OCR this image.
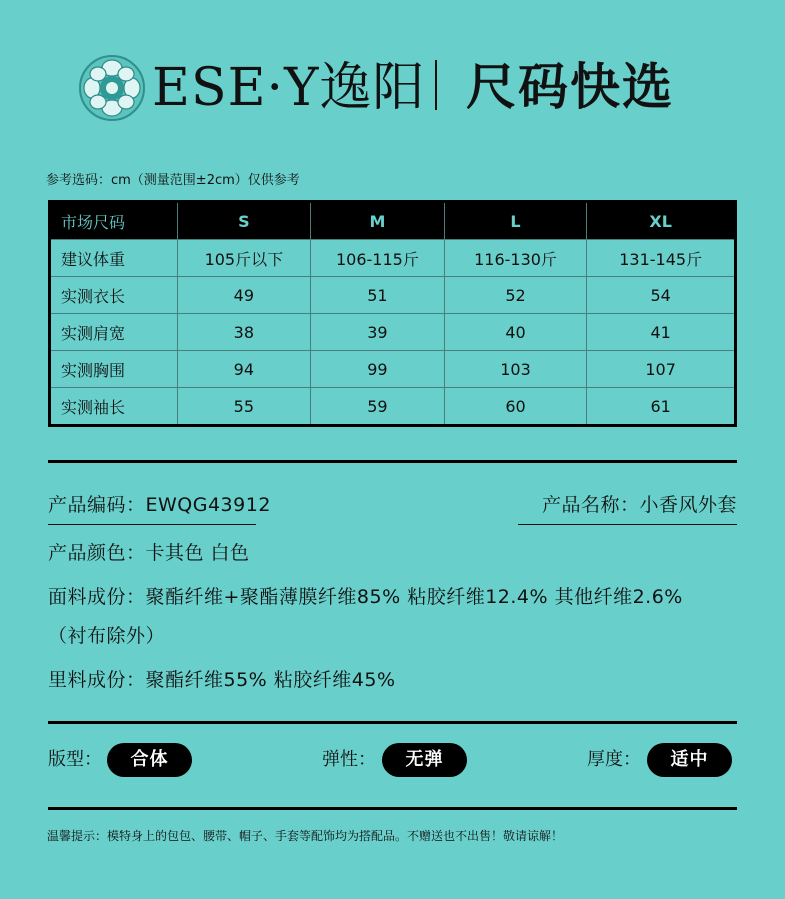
ESE·Y逸阳 尺码快选
参考选码：cm（测量范围±2cm）仅供参考
市场尺码	S	M	L	XL
建议体重	105斤以下	106-115斤	116-130斤	131-145斤
实测衣长	49	51	52	54
实测肩宽	38	39	40	41
实测胸围	94	99	103	107
实测袖长	55	59	60	61
产品编码：EWQG43912	产品名称：小香风外套
产品颜色：卡其色 白色
面料成份：聚酯纤维+聚酯薄膜纤维85% 粘胶纤维12.4% 其他纤维2.6%
（衬布除外）
里料成份：聚酯纤维55% 粘胶纤维45%
版型：	合体	弹性：	无弹	厚度：	适中
温馨提示：模特身上的包包、腰带、帽子、手套等配饰均为搭配品。不赠送也不出售！敬请谅解！
